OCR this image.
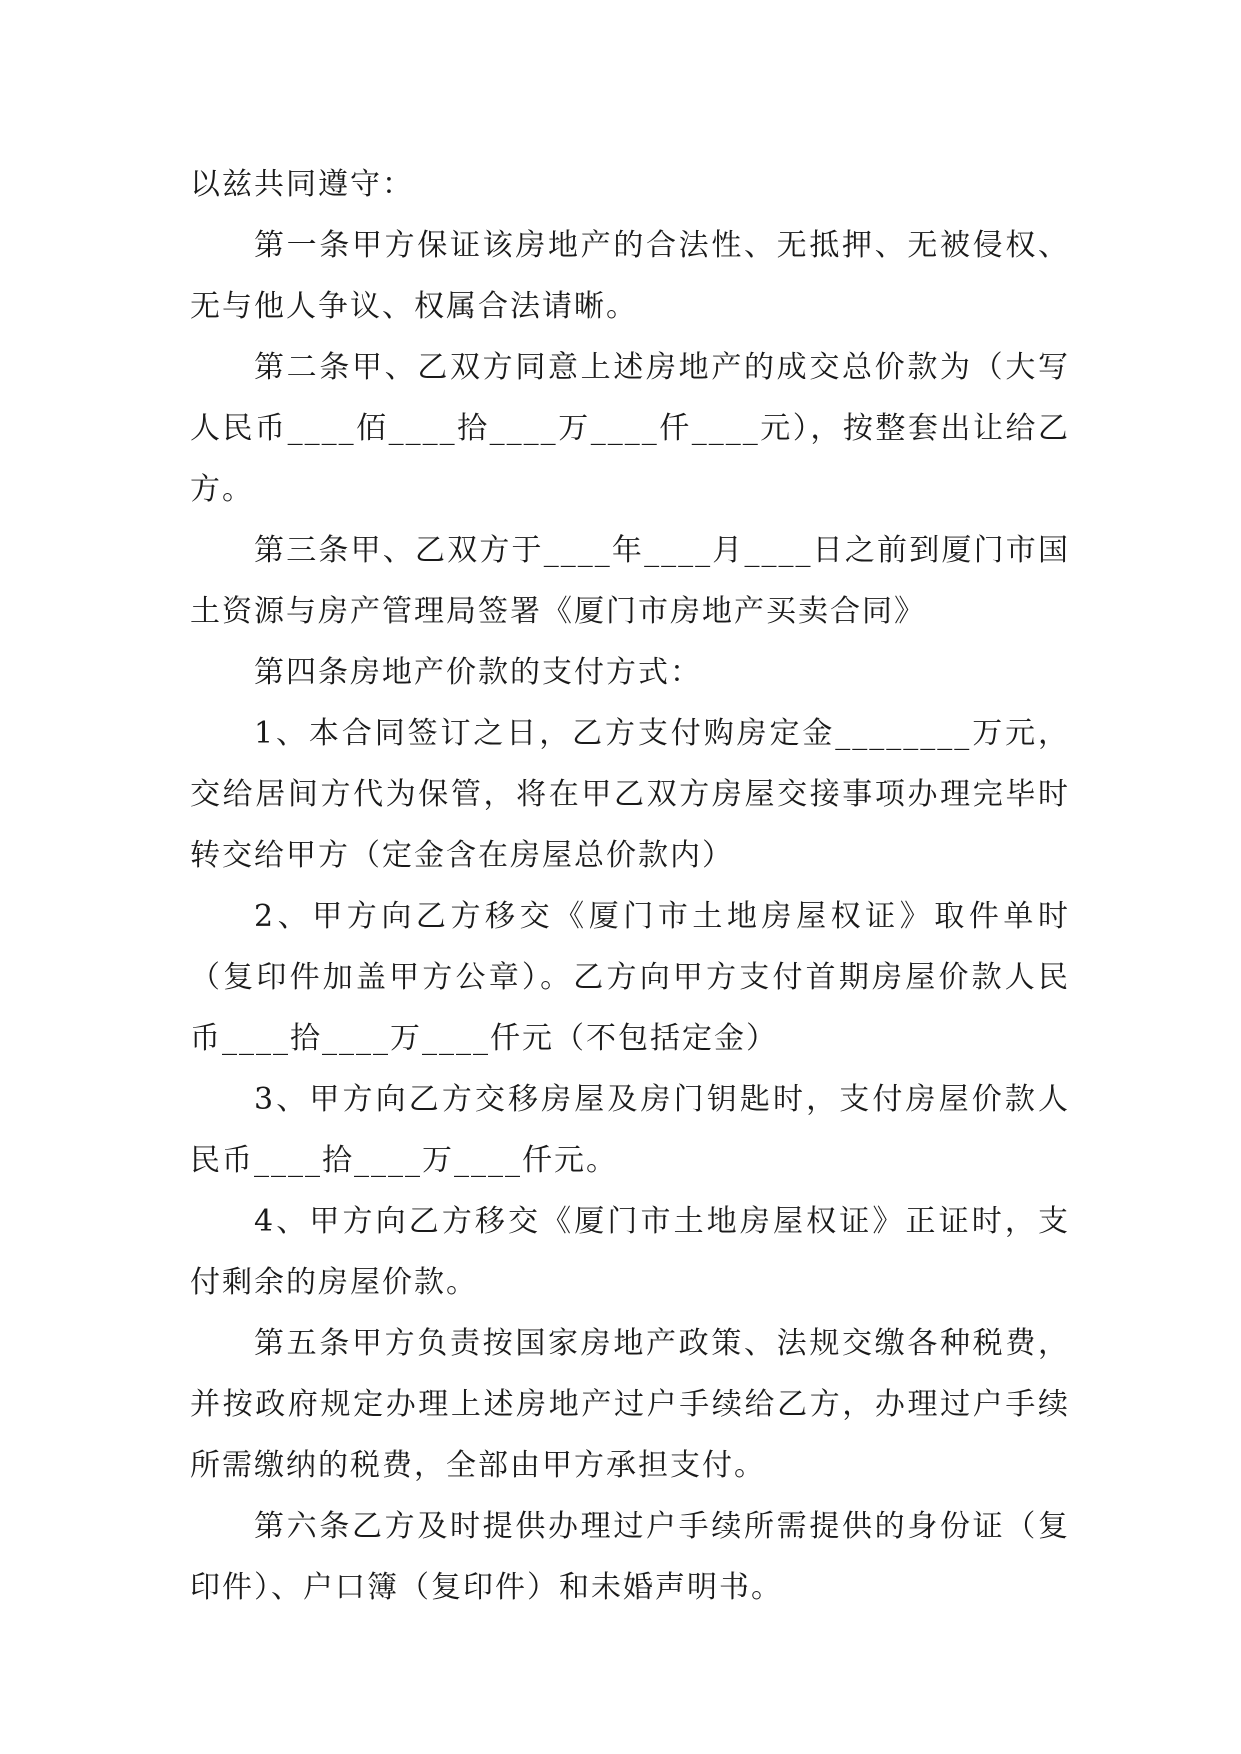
以兹共同遵守：

第一条甲方保证该房地产的合法性、无抵押、无被侵权、无与他人争议、权属合法请晰。

第二条甲、乙双方同意上述房地产的成交总价款为（大写人民币____佰____拾____万____仟____元），按整套出让给乙方。

第三条甲、乙双方于____年____月____日之前到厦门市国土资源与房产管理局签署《厦门市房地产买卖合同》

第四条房地产价款的支付方式：

1、本合同签订之日，乙方支付购房定金________万元，交给居间方代为保管，将在甲乙双方房屋交接事项办理完毕时转交给甲方（定金含在房屋总价款内）

2、甲方向乙方移交《厦门市土地房屋权证》取件单时（复印件加盖甲方公章）。乙方向甲方支付首期房屋价款人民币____拾____万____仟元（不包括定金）

3、甲方向乙方交移房屋及房门钥匙时，支付房屋价款人民币____拾____万____仟元。

4、甲方向乙方移交《厦门市土地房屋权证》正证时，支付剩余的房屋价款。

第五条甲方负责按国家房地产政策、法规交缴各种税费，并按政府规定办理上述房地产过户手续给乙方，办理过户手续所需缴纳的税费，全部由甲方承担支付。

第六条乙方及时提供办理过户手续所需提供的身份证（复印件）、户口簿（复印件）和未婚声明书。
